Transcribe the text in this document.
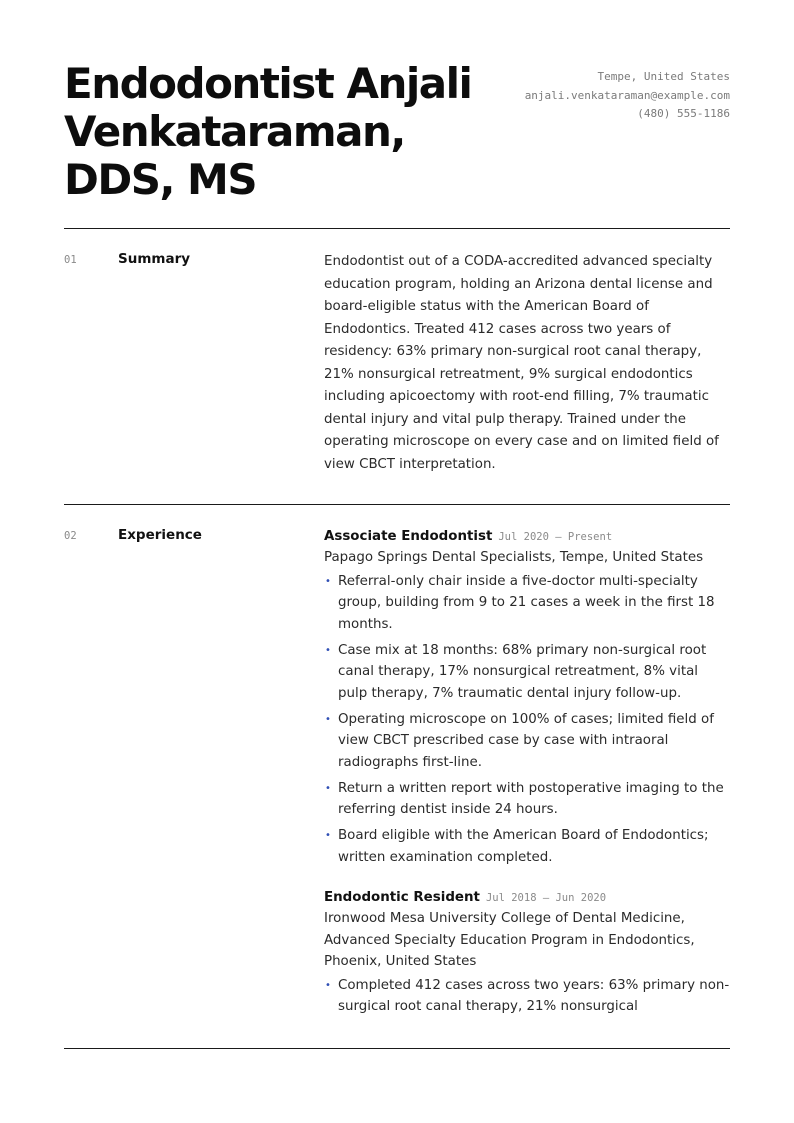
Endodontist Anjali Venkataraman, DDS, MS
Tempe, United States
anjali.venkataraman@example.com
(480) 555-1186
01	Summary	Endodontist out of a CODA-accredited advanced specialty education program, holding an Arizona dental license and board-eligible status with the American Board of Endodontics. Treated 412 cases across two years of residency: 63% primary non-surgical root canal therapy, 21% nonsurgical retreatment, 9% surgical endodontics including apicoectomy with root-end filling, 7% traumatic dental injury and vital pulp therapy. Trained under the operating microscope on every case and on limited field of view CBCT interpretation.
02	Experience	Associate Endodontist Jul 2020 — Present
Papago Springs Dental Specialists, Tempe, United States
• Referral-only chair inside a five-doctor multi-specialty group, building from 9 to 21 cases a week in the first 18 months.
• Case mix at 18 months: 68% primary non-surgical root canal therapy, 17% nonsurgical retreatment, 8% vital pulp therapy, 7% traumatic dental injury follow-up.
• Operating microscope on 100% of cases; limited field of view CBCT prescribed case by case with intraoral radiographs first-line.
• Return a written report with postoperative imaging to the referring dentist inside 24 hours.
• Board eligible with the American Board of Endodontics; written examination completed.
Endodontic Resident Jul 2018 — Jun 2020
Ironwood Mesa University College of Dental Medicine, Advanced Specialty Education Program in Endodontics, Phoenix, United States
• Completed 412 cases across two years: 63% primary non-surgical root canal therapy, 21% nonsurgical
